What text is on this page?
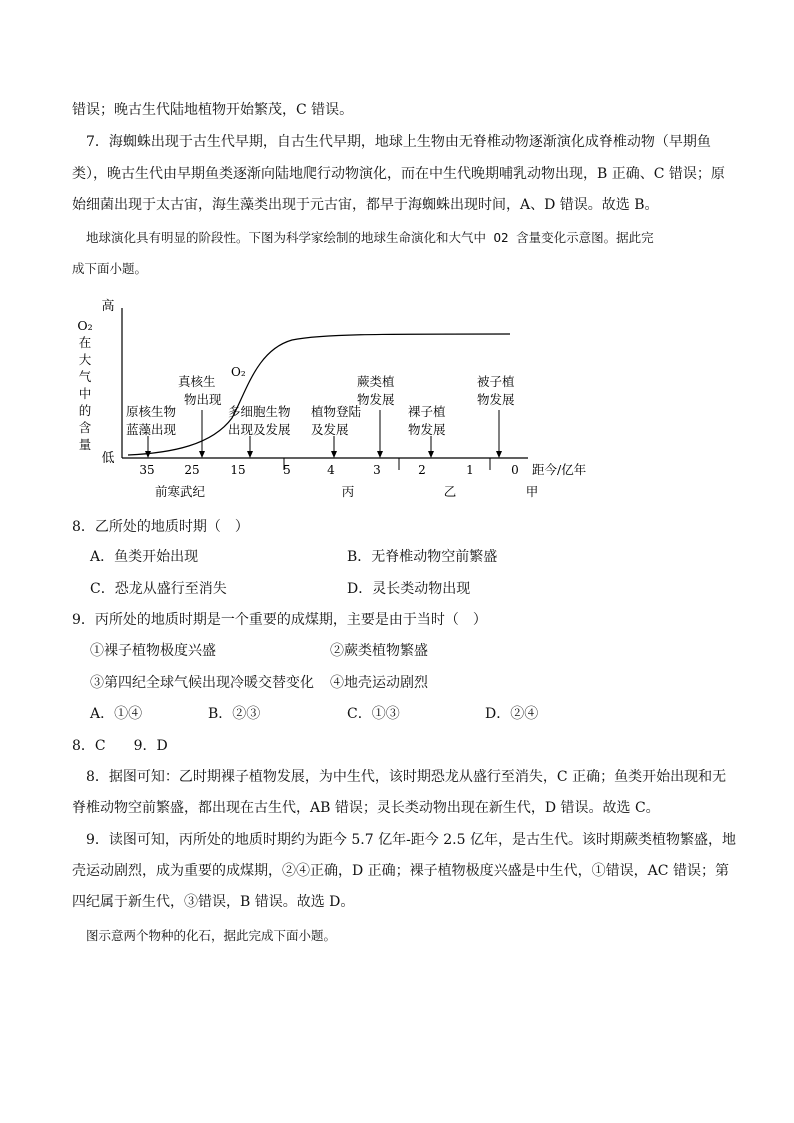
错误；晚古生代陆地植物开始繁茂，C 错误。
7．海蜘蛛出现于古生代早期，自古生代早期，地球上生物由无脊椎动物逐渐演化成脊椎动物（早期鱼
类），晚古生代由早期鱼类逐渐向陆地爬行动物演化，而在中生代晚期哺乳动物出现，B 正确、C 错误；原
始细菌出现于太古宙，海生藻类出现于元古宙，都早于海蜘蛛出现时间，A、D 错误。故选 B。
地球演化具有明显的阶段性。下图为科学家绘制的地球生命演化和大气中 O2 含量变化示意图。据此完
成下面小题。
高
低
O₂
在
大
气
中
的
含
量
O₂
35 25	15	5	4	3	2	1	0 距今/亿年
前寒武纪	丙	乙	甲
原核生物
蓝藻出现
真核生
物出现
多细胞生物
出现及发展
植物登陆
及发展
蕨类植
物发展
裸子植
物发展
被子植
物发展
8．乙所处的地质时期（　）
A．鱼类开始出现	B．无脊椎动物空前繁盛
C．恐龙从盛行至消失	D．灵长类动物出现
9．丙所处的地质时期是一个重要的成煤期，主要是由于当时（　）
①裸子植物极度兴盛	②蕨类植物繁盛
③第四纪全球气候出现冷暖交替变化 ④地壳运动剧烈
A．①④	B．②③	C．①③	D．②④
8．C　　9．D
8．据图可知：乙时期裸子植物发展，为中生代，该时期恐龙从盛行至消失，C 正确；鱼类开始出现和无
脊椎动物空前繁盛，都出现在古生代，AB 错误；灵长类动物出现在新生代，D 错误。故选 C。
9．读图可知，丙所处的地质时期约为距今 5.7 亿年-距今 2.5 亿年，是古生代。该时期蕨类植物繁盛，地
壳运动剧烈，成为重要的成煤期，②④正确，D 正确；裸子植物极度兴盛是中生代，①错误，AC 错误；第
四纪属于新生代，③错误，B 错误。故选 D。
图示意两个物种的化石，据此完成下面小题。
